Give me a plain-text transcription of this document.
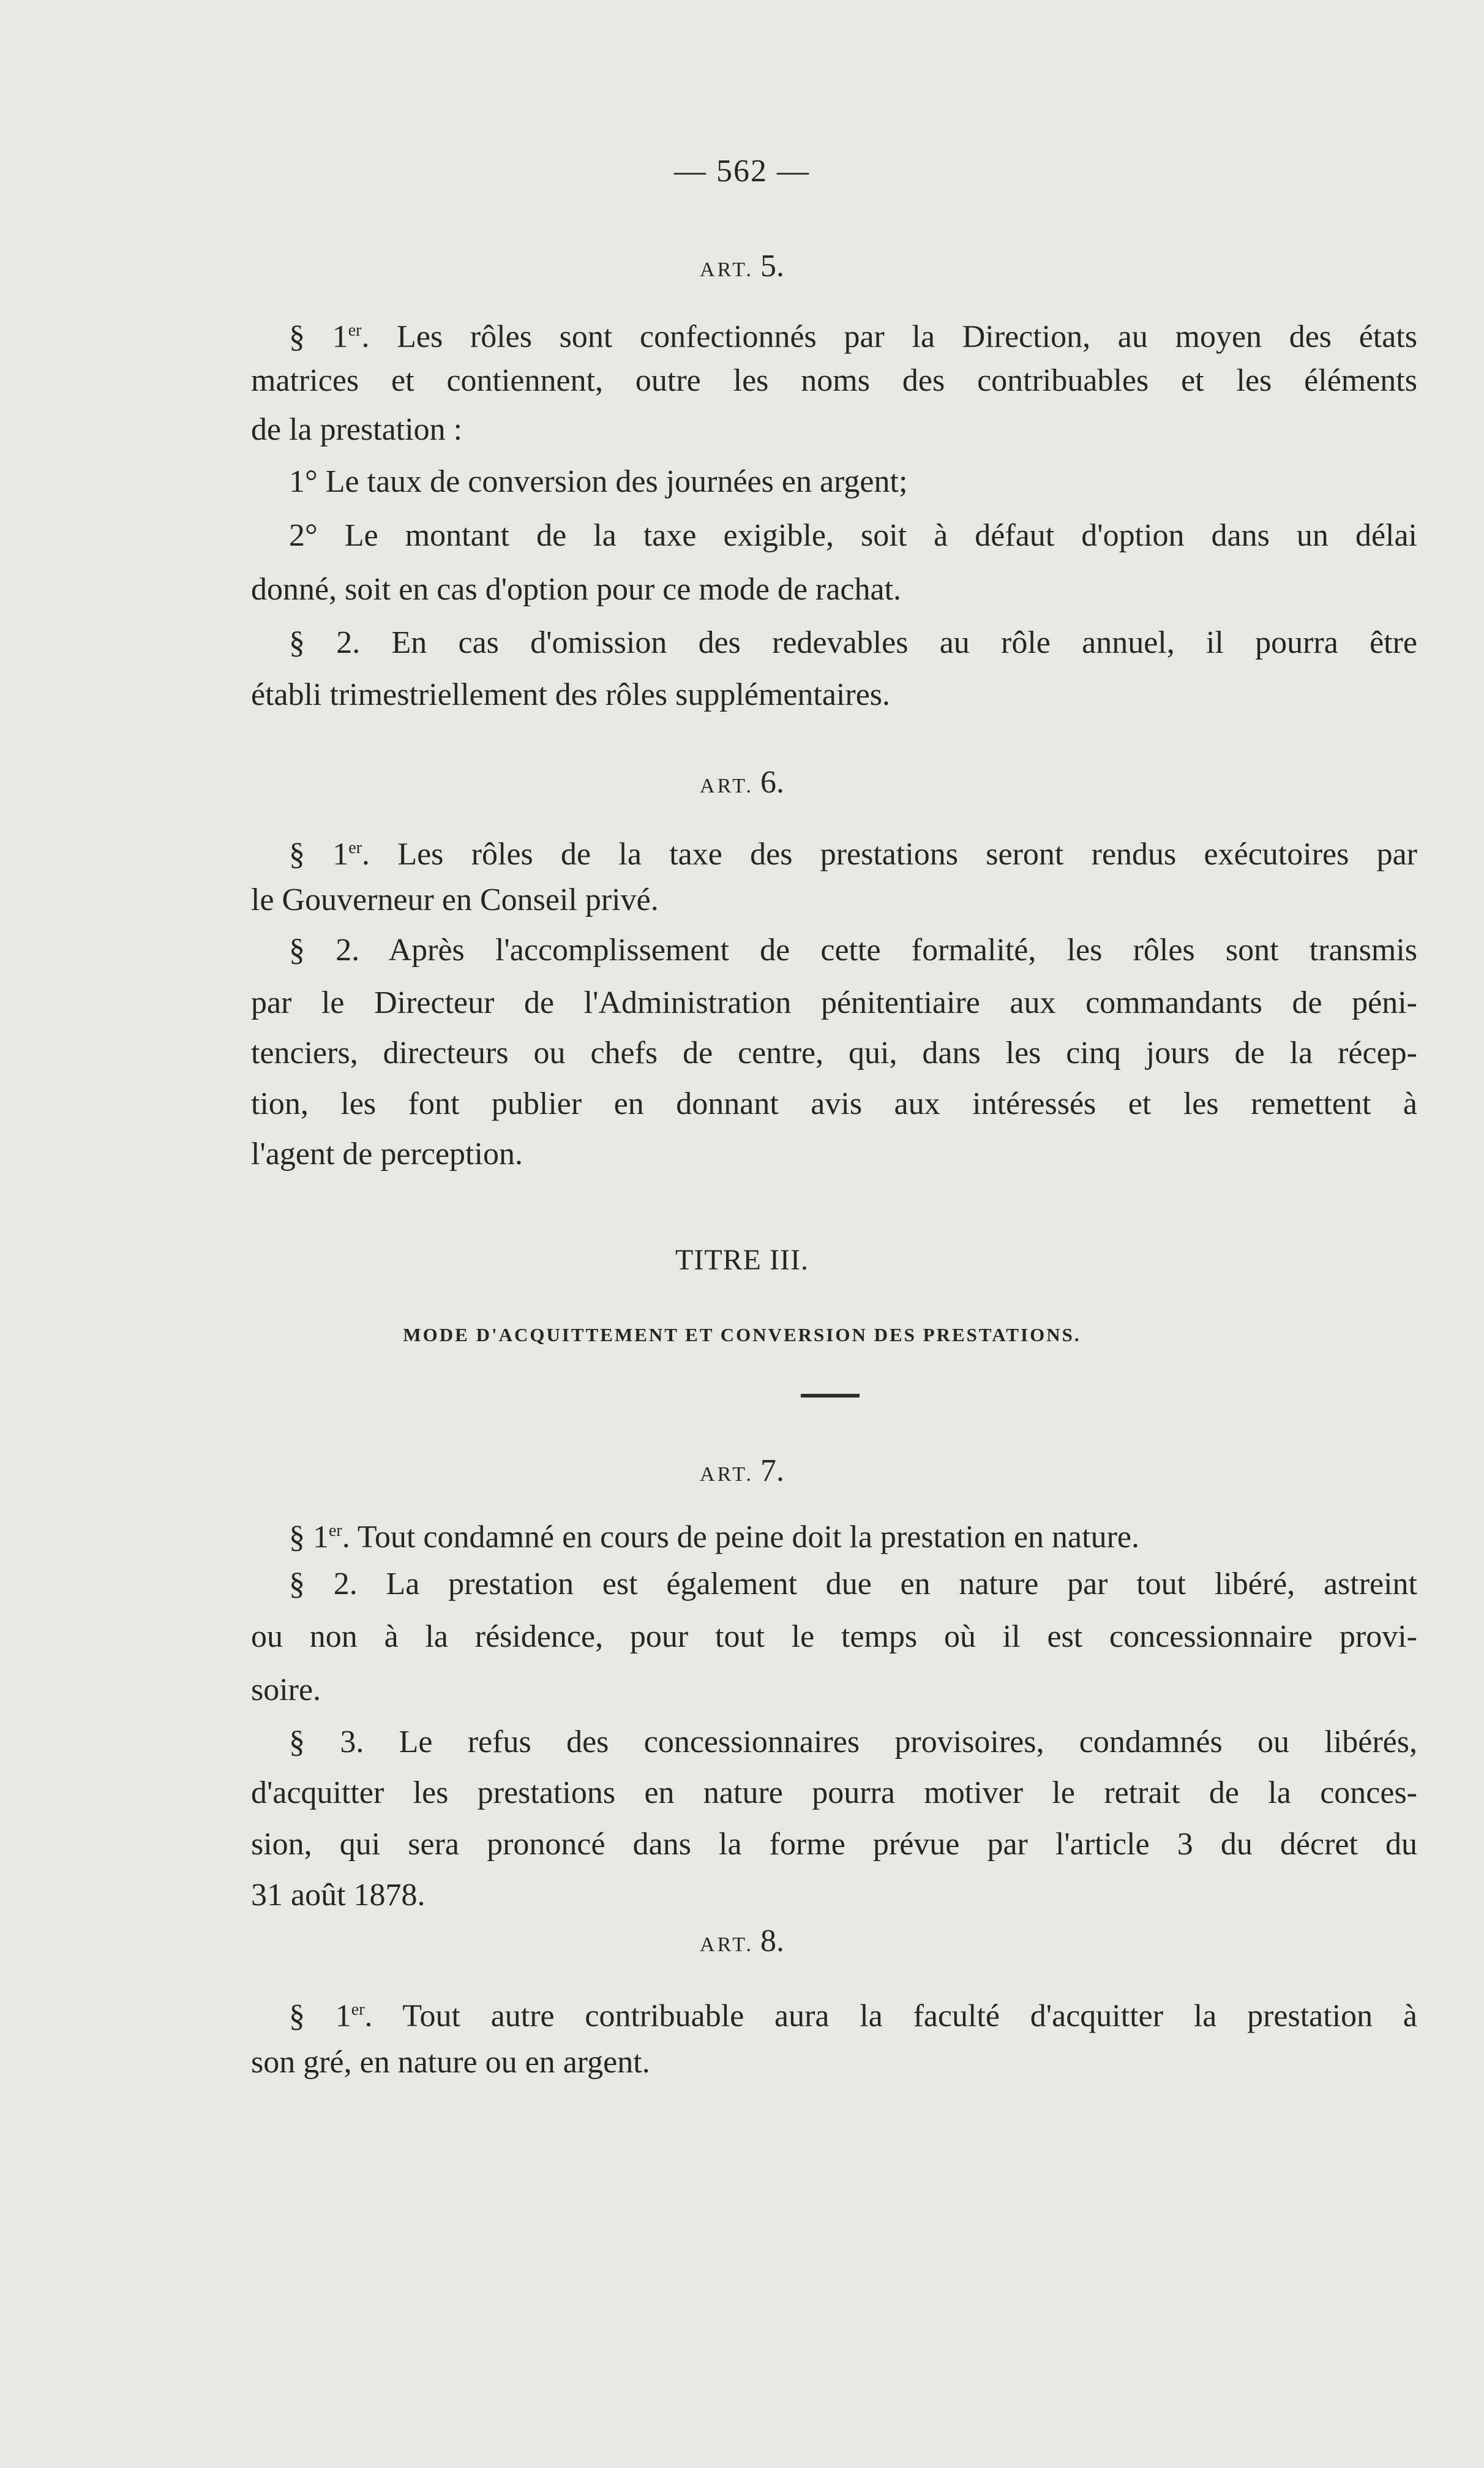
— 562 —
ART. 5.
§ 1er. Les rôles sont confectionnés par la Direction, au moyen des états
matrices et contiennent, outre les noms des contribuables et les éléments
de la prestation :
1° Le taux de conversion des journées en argent;
2° Le montant de la taxe exigible, soit à défaut d'option dans un délai
donné, soit en cas d'option pour ce mode de rachat.
§ 2. En cas d'omission des redevables au rôle annuel, il pourra être
établi trimestriellement des rôles supplémentaires.
ART. 6.
§ 1er. Les rôles de la taxe des prestations seront rendus exécutoires par
le Gouverneur en Conseil privé.
§ 2. Après l'accomplissement de cette formalité, les rôles sont transmis
par le Directeur de l'Administration pénitentiaire aux commandants de péni-
tenciers, directeurs ou chefs de centre, qui, dans les cinq jours de la récep-
tion, les font publier en donnant avis aux intéressés et les remettent à
l'agent de perception.
TITRE III.
MODE D'ACQUITTEMENT ET CONVERSION DES PRESTATIONS.
ART. 7.
§ 1er. Tout condamné en cours de peine doit la prestation en nature.
§ 2. La prestation est également due en nature par tout libéré, astreint
ou non à la résidence, pour tout le temps où il est concessionnaire provi-
soire.
§ 3. Le refus des concessionnaires provisoires, condamnés ou libérés,
d'acquitter les prestations en nature pourra motiver le retrait de la conces-
sion, qui sera prononcé dans la forme prévue par l'article 3 du décret du
31 août 1878.
ART. 8.
§ 1er. Tout autre contribuable aura la faculté d'acquitter la prestation à
son gré, en nature ou en argent.
